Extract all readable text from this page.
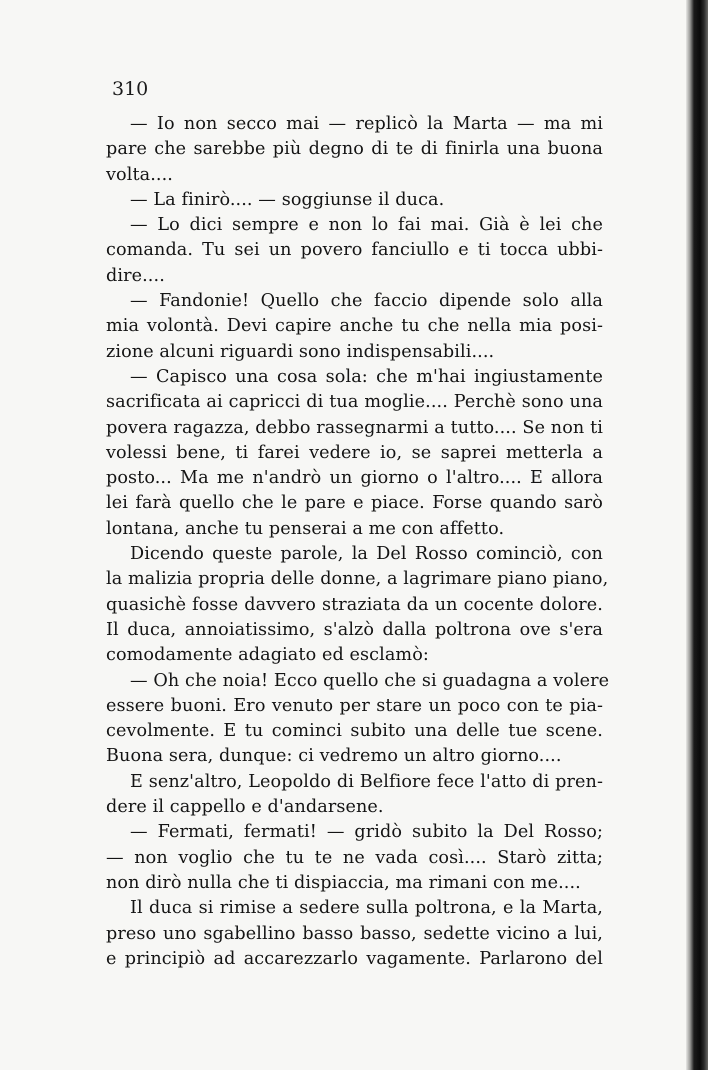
310
— Io non secco mai — replicò la Marta — ma mi
pare che sarebbe più degno di te di finirla una buona
volta....
— La finirò.... — soggiunse il duca.
— Lo dici sempre e non lo fai mai. Già è lei che
comanda. Tu sei un povero fanciullo e ti tocca ubbi-
dire....
— Fandonie! Quello che faccio dipende solo alla
mia volontà. Devi capire anche tu che nella mia posi-
zione alcuni riguardi sono indispensabili....
— Capisco una cosa sola: che m'hai ingiustamente
sacrificata ai capricci di tua moglie.... Perchè sono una
povera ragazza, debbo rassegnarmi a tutto.... Se non ti
volessi bene, ti farei vedere io, se saprei metterla a
posto... Ma me n'andrò un giorno o l'altro.... E allora
lei farà quello che le pare e piace. Forse quando sarò
lontana, anche tu penserai a me con affetto.
Dicendo queste parole, la Del Rosso cominciò, con
la malizia propria delle donne, a lagrimare piano piano,
quasichè fosse davvero straziata da un cocente dolore.
Il duca, annoiatissimo, s'alzò dalla poltrona ove s'era
comodamente adagiato ed esclamò:
— Oh che noia! Ecco quello che si guadagna a volere
essere buoni. Ero venuto per stare un poco con te pia-
cevolmente. E tu cominci subito una delle tue scene.
Buona sera, dunque: ci vedremo un altro giorno....
E senz'altro, Leopoldo di Belfiore fece l'atto di pren-
dere il cappello e d'andarsene.
— Fermati, fermati! — gridò subito la Del Rosso;
— non voglio che tu te ne vada così.... Starò zitta;
non dirò nulla che ti dispiaccia, ma rimani con me....
Il duca si rimise a sedere sulla poltrona, e la Marta,
preso uno sgabellino basso basso, sedette vicino a lui,
e principiò ad accarezzarlo vagamente. Parlarono del
